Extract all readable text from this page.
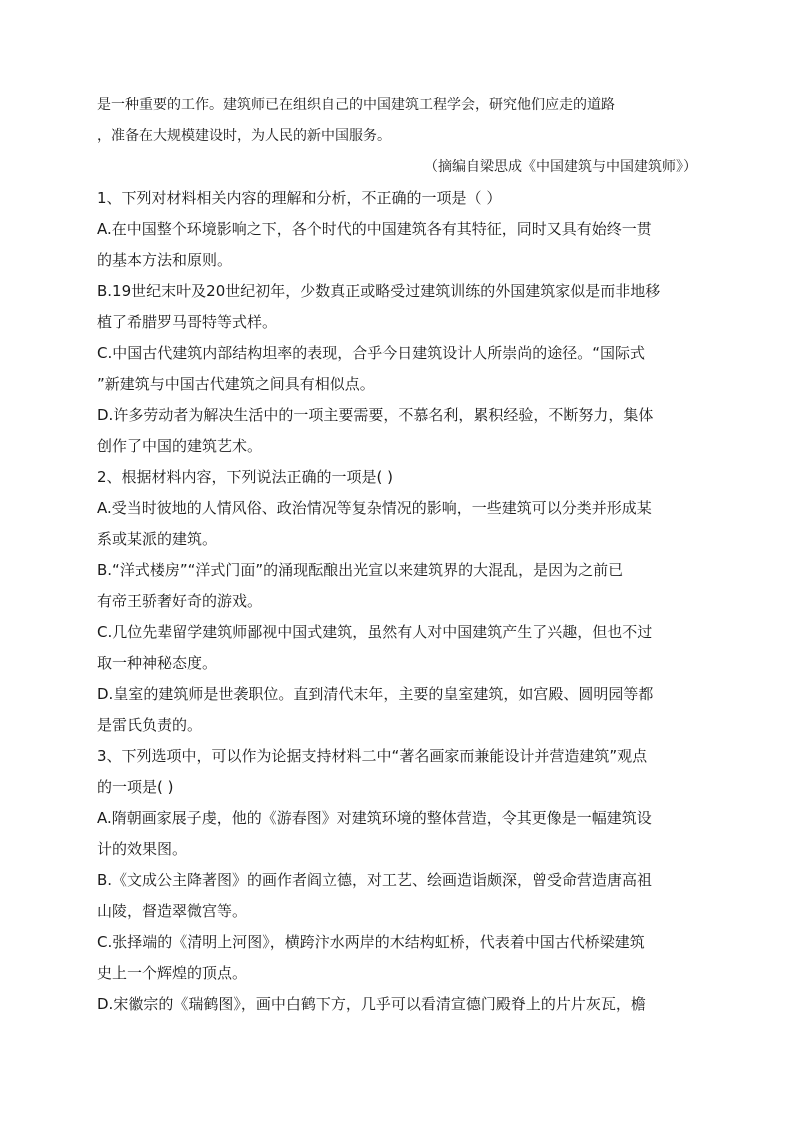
是一种重要的工作。建筑师已在组织自己的中国建筑工程学会，研究他们应走的道路
，准备在大规模建设时，为人民的新中国服务。
（摘编自梁思成《中国建筑与中国建筑师》）
1、下列对材料相关内容的理解和分析，不正确的一项是（ ）
A.在中国整个环境影响之下，各个时代的中国建筑各有其特征，同时又具有始终一贯
的基本方法和原则。
B.19世纪末叶及20世纪初年，少数真正或略受过建筑训练的外国建筑家似是而非地移
植了希腊罗马哥特等式样。
C.中国古代建筑内部结构坦率的表现，合乎今日建筑设计人所崇尚的途径。“国际式
”新建筑与中国古代建筑之间具有相似点。
D.许多劳动者为解决生活中的一项主要需要，不慕名利，累积经验，不断努力，集体
创作了中国的建筑艺术。
2、根据材料内容，下列说法正确的一项是( )
A.受当时彼地的人情风俗、政治情况等复杂情况的影响，一些建筑可以分类并形成某
系或某派的建筑。
B.“洋式楼房”“洋式门面”的涌现酝酿出光宣以来建筑界的大混乱，是因为之前已
有帝王骄奢好奇的游戏。
C.几位先辈留学建筑师鄙视中国式建筑，虽然有人对中国建筑产生了兴趣，但也不过
取一种神秘态度。
D.皇室的建筑师是世袭职位。直到清代末年，主要的皇室建筑，如宫殿、圆明园等都
是雷氏负责的。
3、下列选项中，可以作为论据支持材料二中“著名画家而兼能设计并营造建筑”观点
的一项是( )
A.隋朝画家展子虔，他的《游春图》对建筑环境的整体营造，令其更像是一幅建筑设
计的效果图。
B.《文成公主降著图》的画作者阎立德，对工艺、绘画造诣颇深，曾受命营造唐高祖
山陵，督造翠微宫等。
C.张择端的《清明上河图》，横跨汴水两岸的木结构虹桥，代表着中国古代桥梁建筑
史上一个辉煌的顶点。
D.宋徽宗的《瑞鹤图》，画中白鹤下方，几乎可以看清宣德门殿脊上的片片灰瓦，檐
